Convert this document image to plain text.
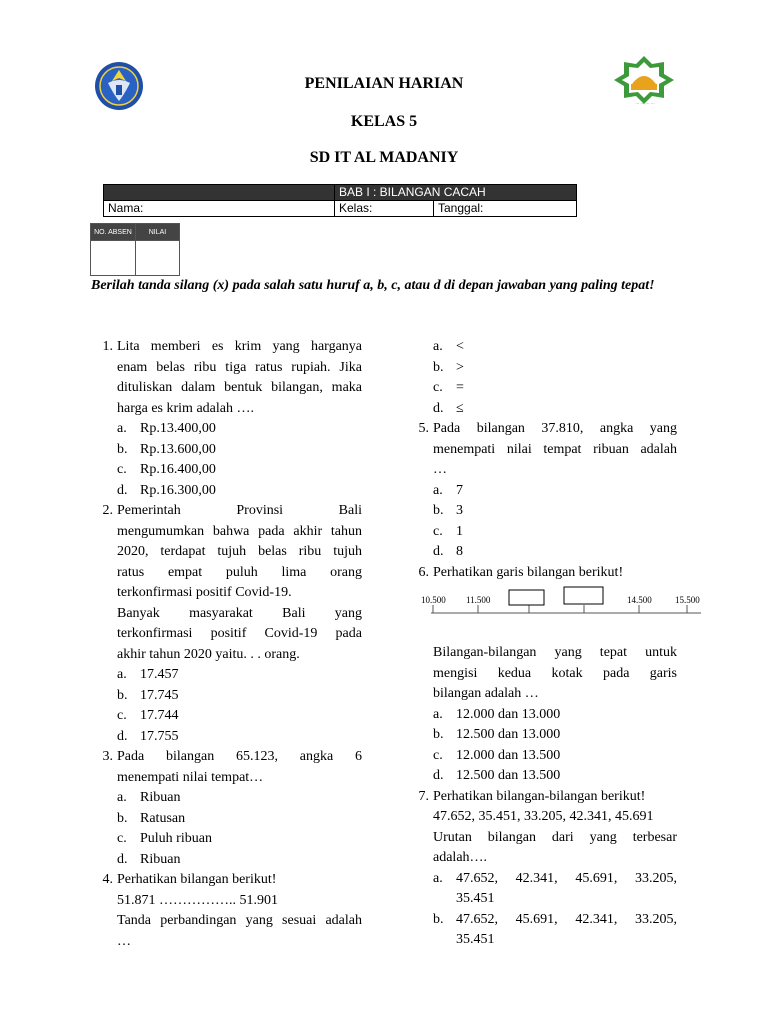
··· ··· ··· ···
PENILAIAN HARIAN
KELAS 5
SD IT AL MADANIY
	BAB I : BILANGAN CACAH	
Nama:	Kelas:	Tanggal:
NO. ABSEN	NILAI

Berilah tanda silang (x) pada salah satu huruf a, b, c, atau d di depan jawaban yang paling tepat!
1. Lita memberi es krim yang harganya
enam belas ribu tiga ratus rupiah. Jika
dituliskan dalam bentuk bilangan, maka
harga es krim adalah ….
a. Rp.13.400,00
b. Rp.13.600,00
c. Rp.16.400,00
d. Rp.16.300,00
2. Pemerintah Provinsi Bali
mengumumkan bahwa pada akhir tahun
2020, terdapat tujuh belas ribu tujuh
ratus empat puluh lima orang
terkonfirmasi positif Covid-19.
Banyak masyarakat Bali yang
terkonfirmasi positif Covid-19 pada
akhir tahun 2020 yaitu. . . orang.
a. 17.457
b. 17.745
c. 17.744
d. 17.755
3. Pada bilangan 65.123, angka 6
menempati nilai tempat…
a. Ribuan
b. Ratusan
c. Puluh ribuan
d. Ribuan
4. Perhatikan bilangan berikut!
51.871 …………….. 51.901
Tanda perbandingan yang sesuai adalah
…
a. <
b. >
c. =
d. ≤
5. Pada bilangan 37.810, angka yang
menempati nilai tempat ribuan adalah
…
a. 7
b. 3
c. 1
d. 8
6. Perhatikan garis bilangan berikut!
10.500 11.500	14.500	15.500
Bilangan-bilangan yang tepat untuk
mengisi kedua kotak pada garis
bilangan adalah …
a. 12.000 dan 13.000
b. 12.500 dan 13.000
c. 12.000 dan 13.500
d. 12.500 dan 13.500
7. Perhatikan bilangan-bilangan berikut!
47.652, 35.451, 33.205, 42.341, 45.691
Urutan bilangan dari yang terbesar
adalah….
a. 47.652, 42.341, 45.691, 33.205,
35.451
b. 47.652, 45.691, 42.341, 33.205,
35.451
